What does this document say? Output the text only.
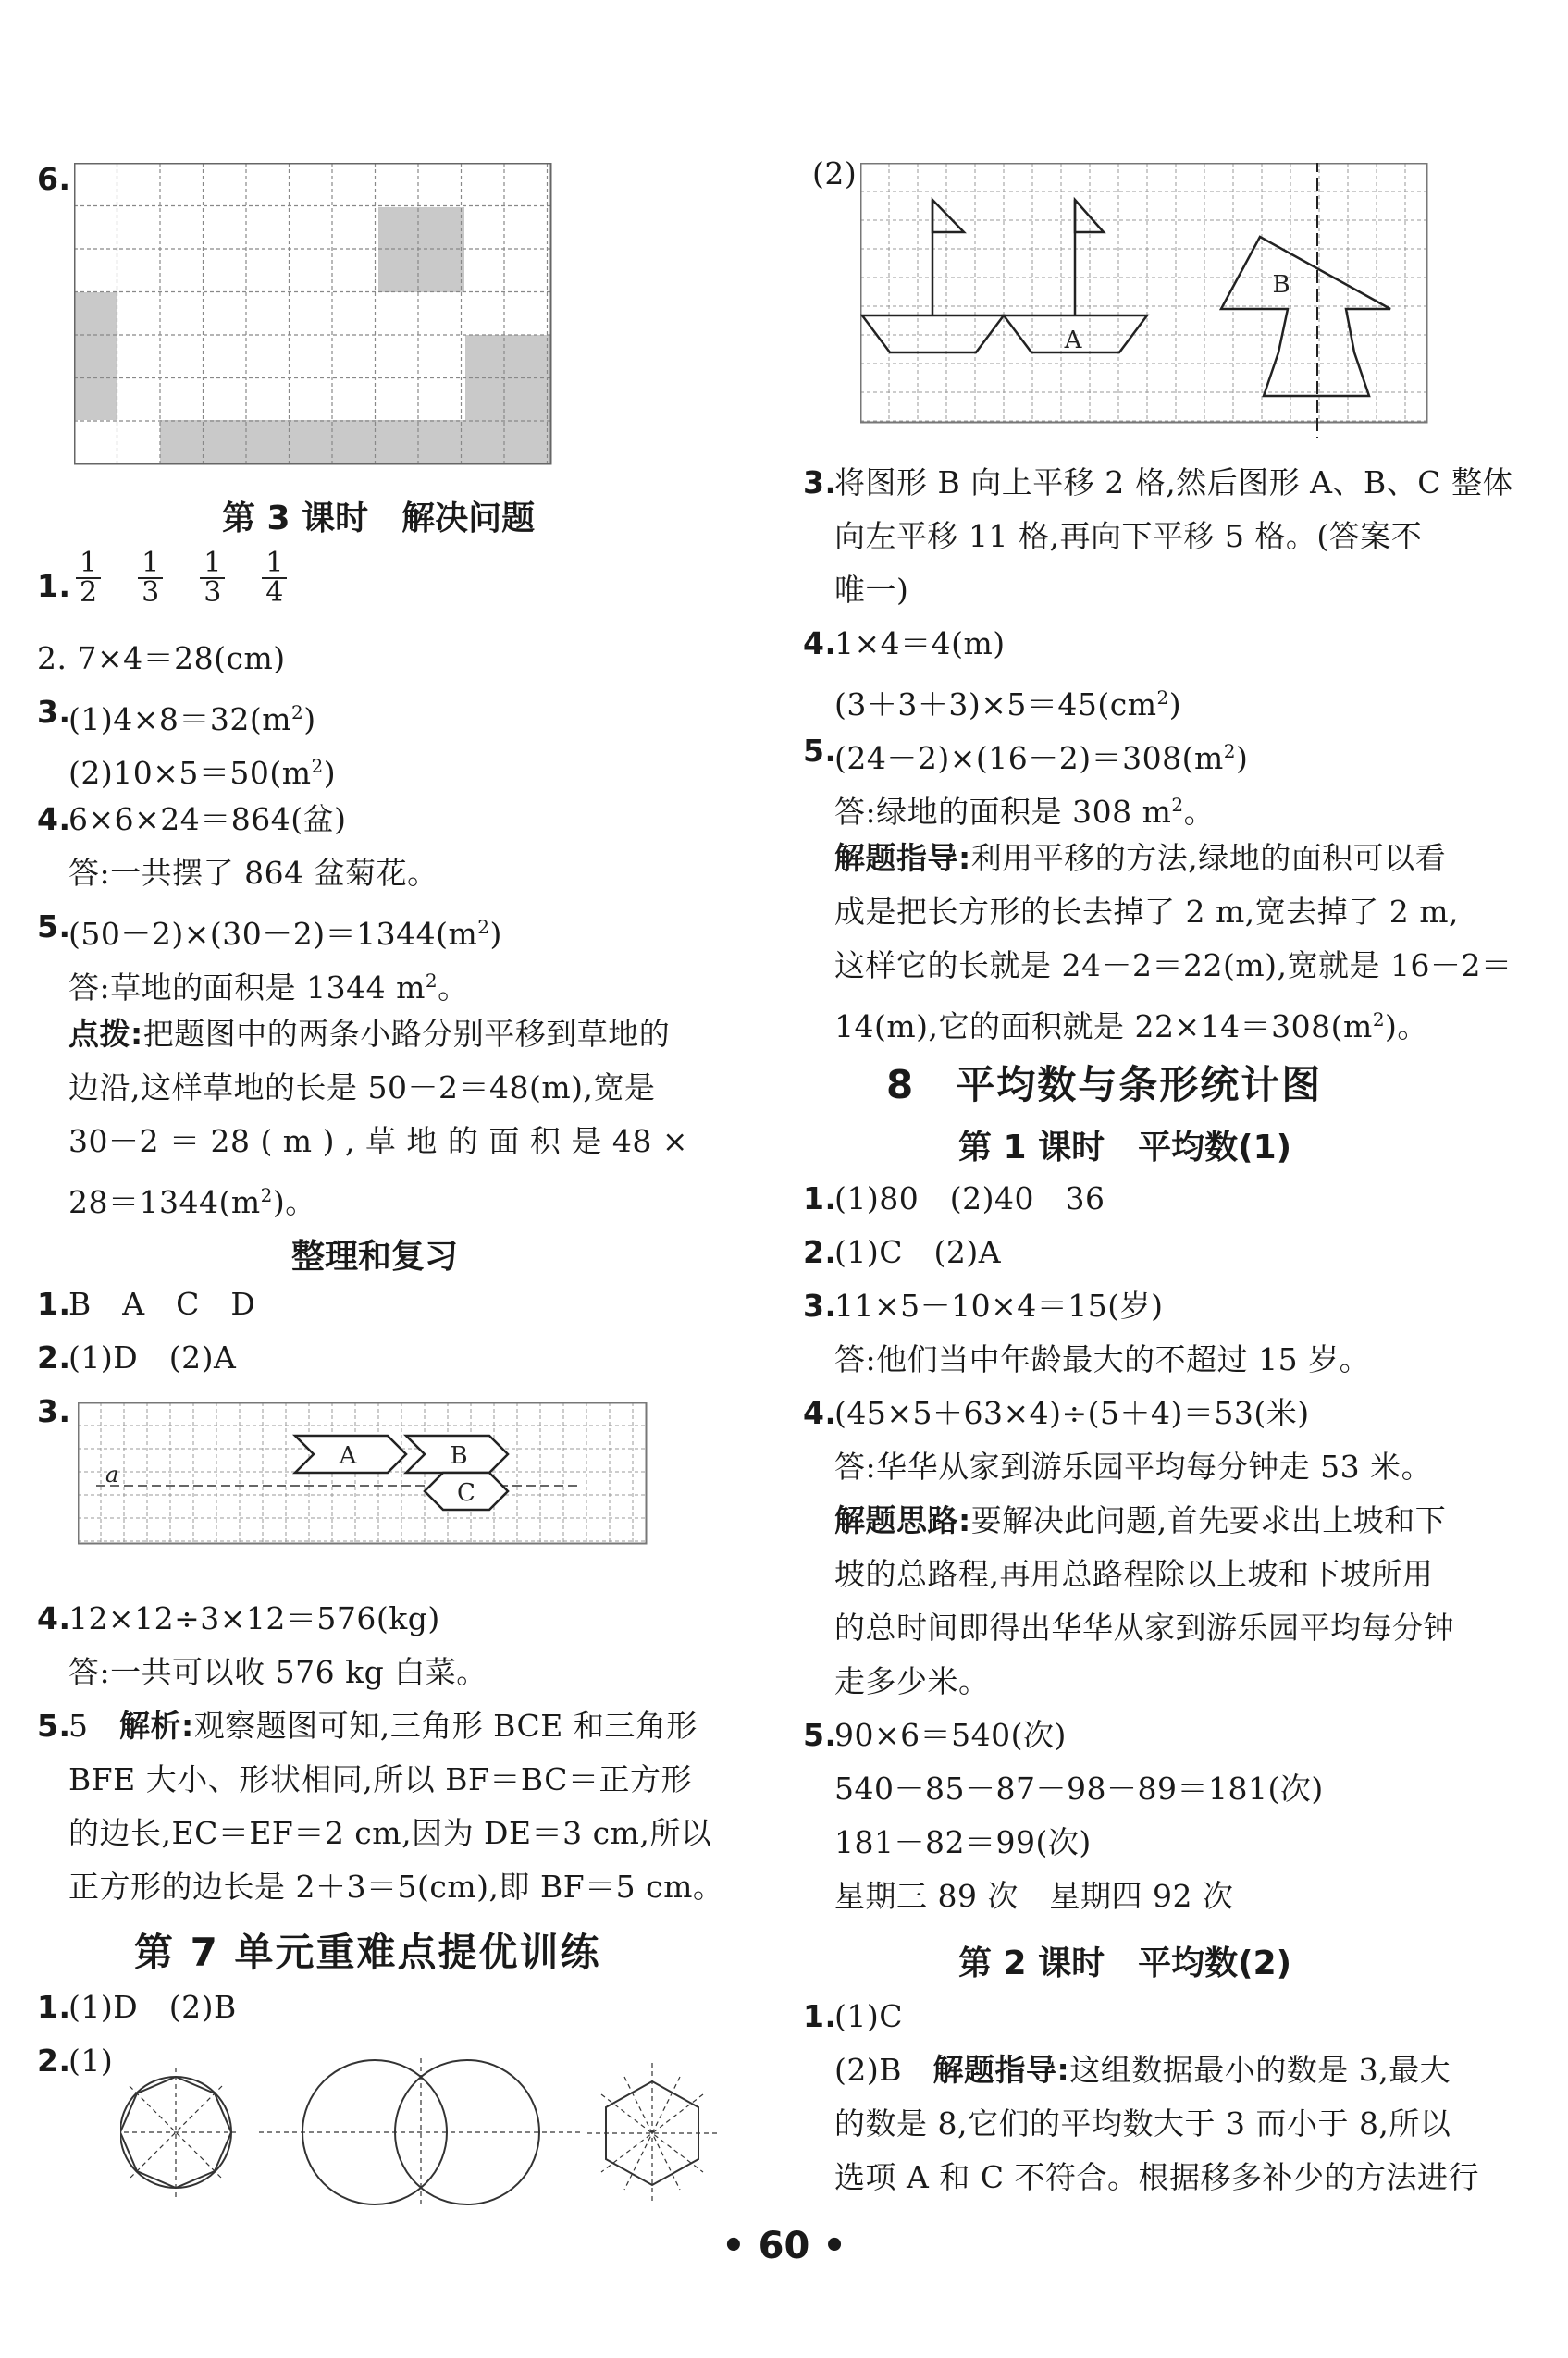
6.
第 3 课时　解决问题
1. $\frac{1}{2} \frac{1}{3} \frac{1}{3} \frac{1}{4}$
2. 7×4＝28(cm)
3.
$(1)4\times 8=32(m^2)$
$(2)10\times 5=50(m^2)$
4.
6×6×24＝864(盆)
答:一共摆了 864 盆菊花。
5.
$(50-2)\times(30-2)=1344(m^2)$
答:草地的面积是 1344 $m^2$。
点拨:把题图中的两条小路分别平移到草地的
边沿,这样草地的长是 50－2＝48(m),宽是
30－2 ＝ 28 ( m ) , 草 地 的 面 积 是 48 ×
$28=1344(m^2)$。
整理和复习
1.
B　A　C　D
2.
(1)D　(2)A
3.
A	B
C
a
4.
12×12÷3×12＝576(kg)
答:一共可以收 576 kg 白菜。
5.
5　解析:观察题图可知,三角形 BCE 和三角形
BFE 大小、形状相同,所以 BF＝BC＝正方形
的边长,EC＝EF＝2 cm,因为 DE＝3 cm,所以
正方形的边长是 2＋3＝5(cm),即 BF＝5 cm。
第 7 单元重难点提优训练
1.
(1)D　(2)B
2.
(1)
(2)
A
B
3.
将图形 B 向上平移 2 格,然后图形 A、B、C 整体
向左平移 11 格,再向下平移 5 格。(答案不
唯一)
4.
1×4＝4(m)
$(3+3+3)\times 5=45(cm^2)$
5.
$(24-2)\times(16-2)=308(m^2)$
答:绿地的面积是 308 $m^2$。
解题指导:利用平移的方法,绿地的面积可以看
成是把长方形的长去掉了 2 m,宽去掉了 2 m,
这样它的长就是 24－2＝22(m),宽就是 16－2＝
14(m),它的面积就是 $22\times 14=308(m^2)$。
8　平均数与条形统计图
第 1 课时　平均数(1)
1.
(1)80　(2)40　36
2.
(1)C　(2)A
3.
11×5－10×4＝15(岁)
答:他们当中年龄最大的不超过 15 岁。
4.
(45×5＋63×4)÷(5＋4)＝53(米)
答:华华从家到游乐园平均每分钟走 53 米。
解题思路:要解决此问题,首先要求出上坡和下
坡的总路程,再用总路程除以上坡和下坡所用
的总时间即得出华华从家到游乐园平均每分钟
走多少米。
5.
90×6＝540(次)
540－85－87－98－89＝181(次)
181－82＝99(次)
星期三 89 次　星期四 92 次
第 2 课时　平均数(2)
1.
(1)C
(2)B　解题指导:这组数据最小的数是 3,最大
的数是 8,它们的平均数大于 3 而小于 8,所以
选项 A 和 C 不符合。根据移多补少的方法进行
• 60 •
